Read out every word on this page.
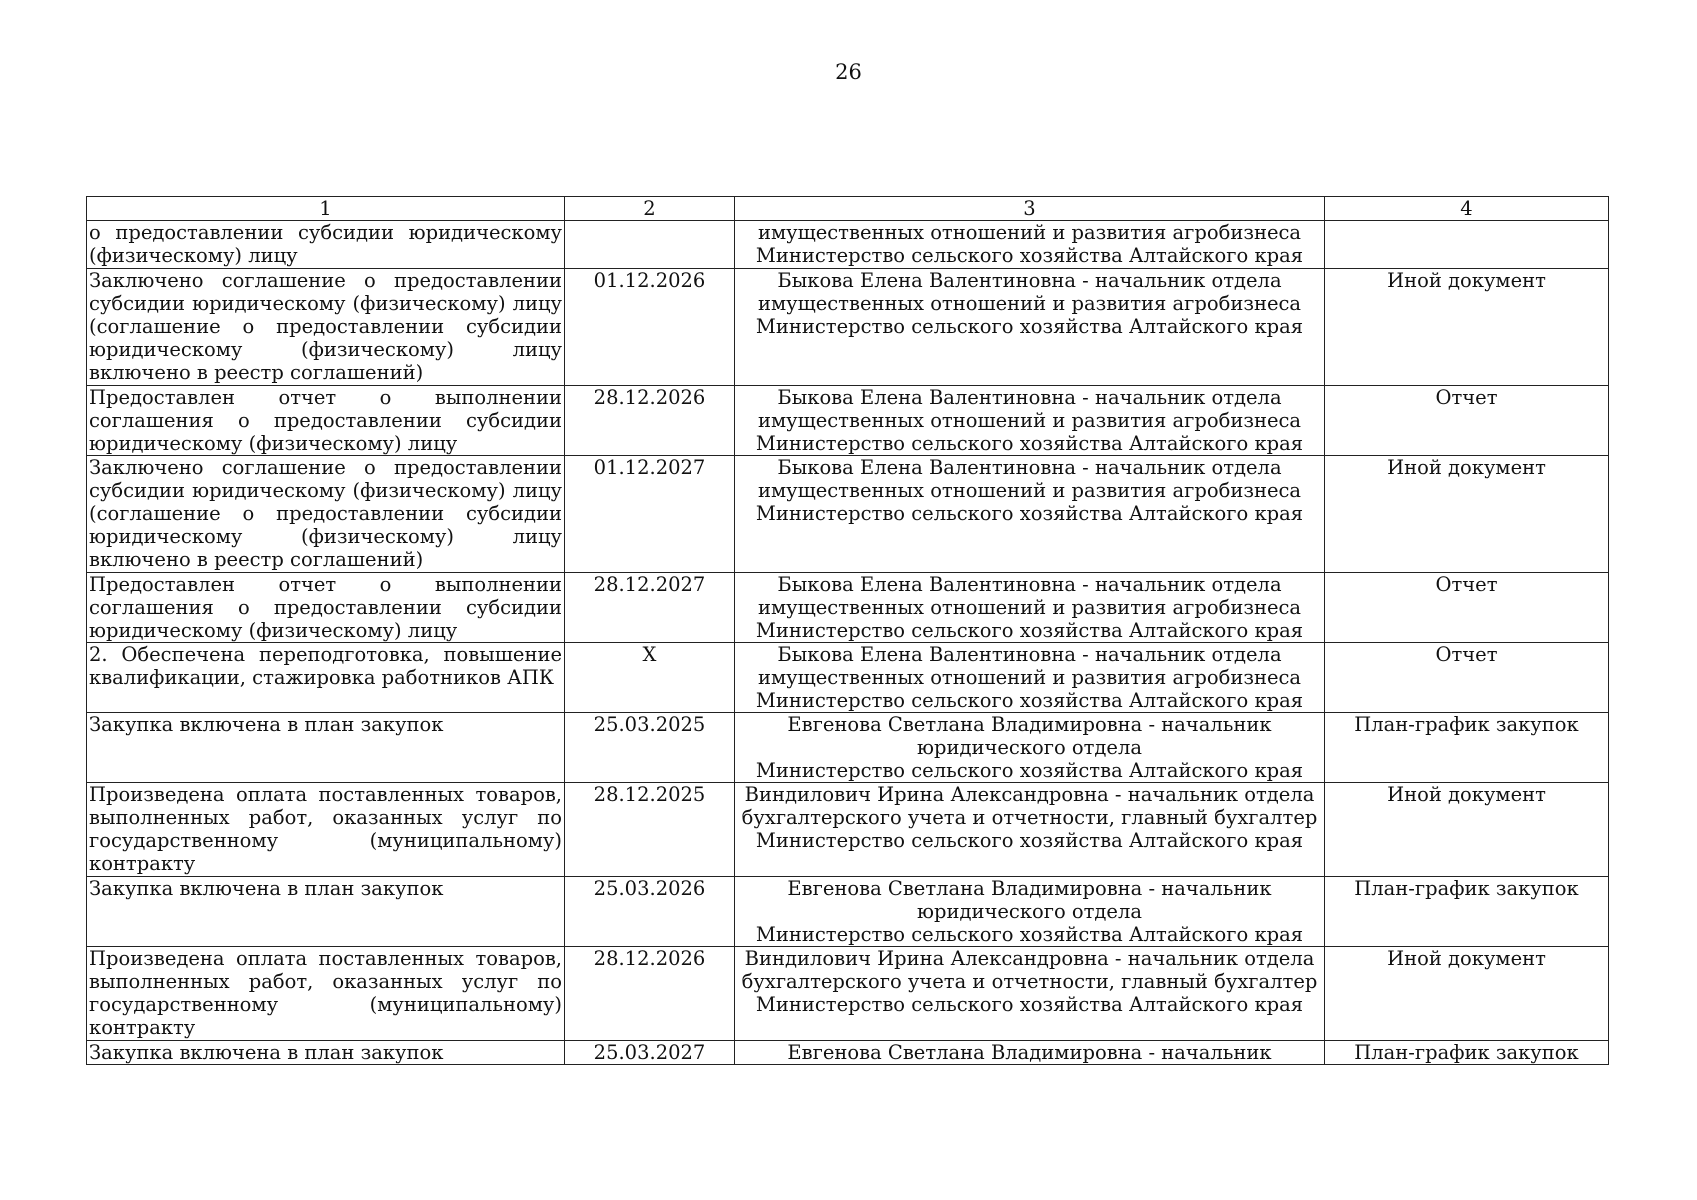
26
1	2	3	4
о предоставлении субсидии юридическому (физическому) лицу		имущественных отношений и развития агробизнеса
Министерство сельского хозяйства Алтайского края	
Заключено соглашение о предоставлении субсидии юридическому (физическому) лицу (соглашение о предоставлении субсидии юридическому (физическому) лицу включено в реестр соглашений)	01.12.2026	Быкова Елена Валентиновна - начальник отдела имущественных отношений и развития агробизнеса
Министерство сельского хозяйства Алтайского края	Иной документ
Предоставлен отчет о выполнении соглашения о предоставлении субсидии юридическому (физическому) лицу	28.12.2026	Быкова Елена Валентиновна - начальник отдела имущественных отношений и развития агробизнеса
Министерство сельского хозяйства Алтайского края	Отчет
Заключено соглашение о предоставлении субсидии юридическому (физическому) лицу (соглашение о предоставлении субсидии юридическому (физическому) лицу включено в реестр соглашений)	01.12.2027	Быкова Елена Валентиновна - начальник отдела имущественных отношений и развития агробизнеса
Министерство сельского хозяйства Алтайского края	Иной документ
Предоставлен отчет о выполнении соглашения о предоставлении субсидии юридическому (физическому) лицу	28.12.2027	Быкова Елена Валентиновна - начальник отдела имущественных отношений и развития агробизнеса
Министерство сельского хозяйства Алтайского края	Отчет
2. Обеспечена переподготовка, повышение квалификации, стажировка работников АПК	Х	Быкова Елена Валентиновна - начальник отдела имущественных отношений и развития агробизнеса
Министерство сельского хозяйства Алтайского края	Отчет
Закупка включена в план закупок	25.03.2025	Евгенова Светлана Владимировна - начальник юридического отдела
Министерство сельского хозяйства Алтайского края	План-график закупок
Произведена оплата поставленных товаров, выполненных работ, оказанных услуг по государственному (муниципальному) контракту	28.12.2025	Виндилович Ирина Александровна - начальник отдела бухгалтерского учета и отчетности, главный бухгалтер
Министерство сельского хозяйства Алтайского края	Иной документ
Закупка включена в план закупок	25.03.2026	Евгенова Светлана Владимировна - начальник юридического отдела
Министерство сельского хозяйства Алтайского края	План-график закупок
Произведена оплата поставленных товаров, выполненных работ, оказанных услуг по государственному (муниципальному) контракту	28.12.2026	Виндилович Ирина Александровна - начальник отдела бухгалтерского учета и отчетности, главный бухгалтер
Министерство сельского хозяйства Алтайского края	Иной документ
Закупка включена в план закупок	25.03.2027	Евгенова Светлана Владимировна - начальник	План-график закупок
